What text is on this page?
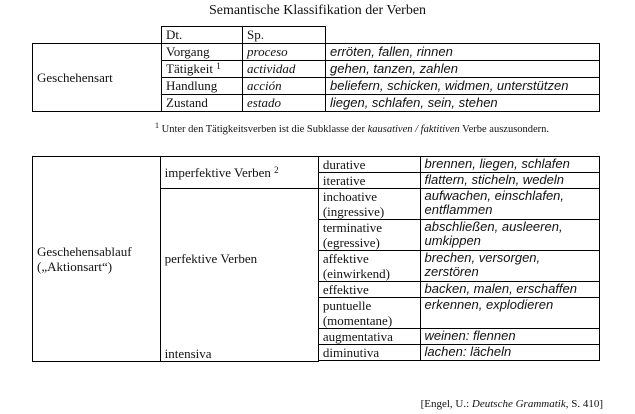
Semantische Klassifikation der Verben
	Dt.	Sp.	
Geschehensart	Vorgang	proceso	erröten, fallen, rinnen
	Tätigkeit $^1$	actividad	gehen, tanzen, zahlen
	Handlung	acción	beliefern, schicken, widmen, unterstützen
	Zustand	estado	liegen, schlafen, sein, stehen
$^1$ Unter den Tätigkeitsverben ist die Subklasse der kausativen / faktitiven Verbe auszusondern.
Geschehensablauf
(„Aktionsart“)	imperfektive Verben $^2$	durative	brennen, liegen, schlafen
		iterative	flattern, sticheln, wedeln
	perfektive Verben	inchoative (ingressive)	aufwachen, einschlafen, entflammen
		terminative (egressive)	abschließen, ausleeren, umkippen
		affektive (einwirkend)	brechen, versorgen, zerstören
		effektive	backen, malen, erschaffen
		puntuelle (momentane)	erkennen, explodieren
	intensiva	augmentativa	weinen: flennen
		diminutiva	lachen: lächeln

[Engel, U.: Deutsche Grammatik, S. 410]
